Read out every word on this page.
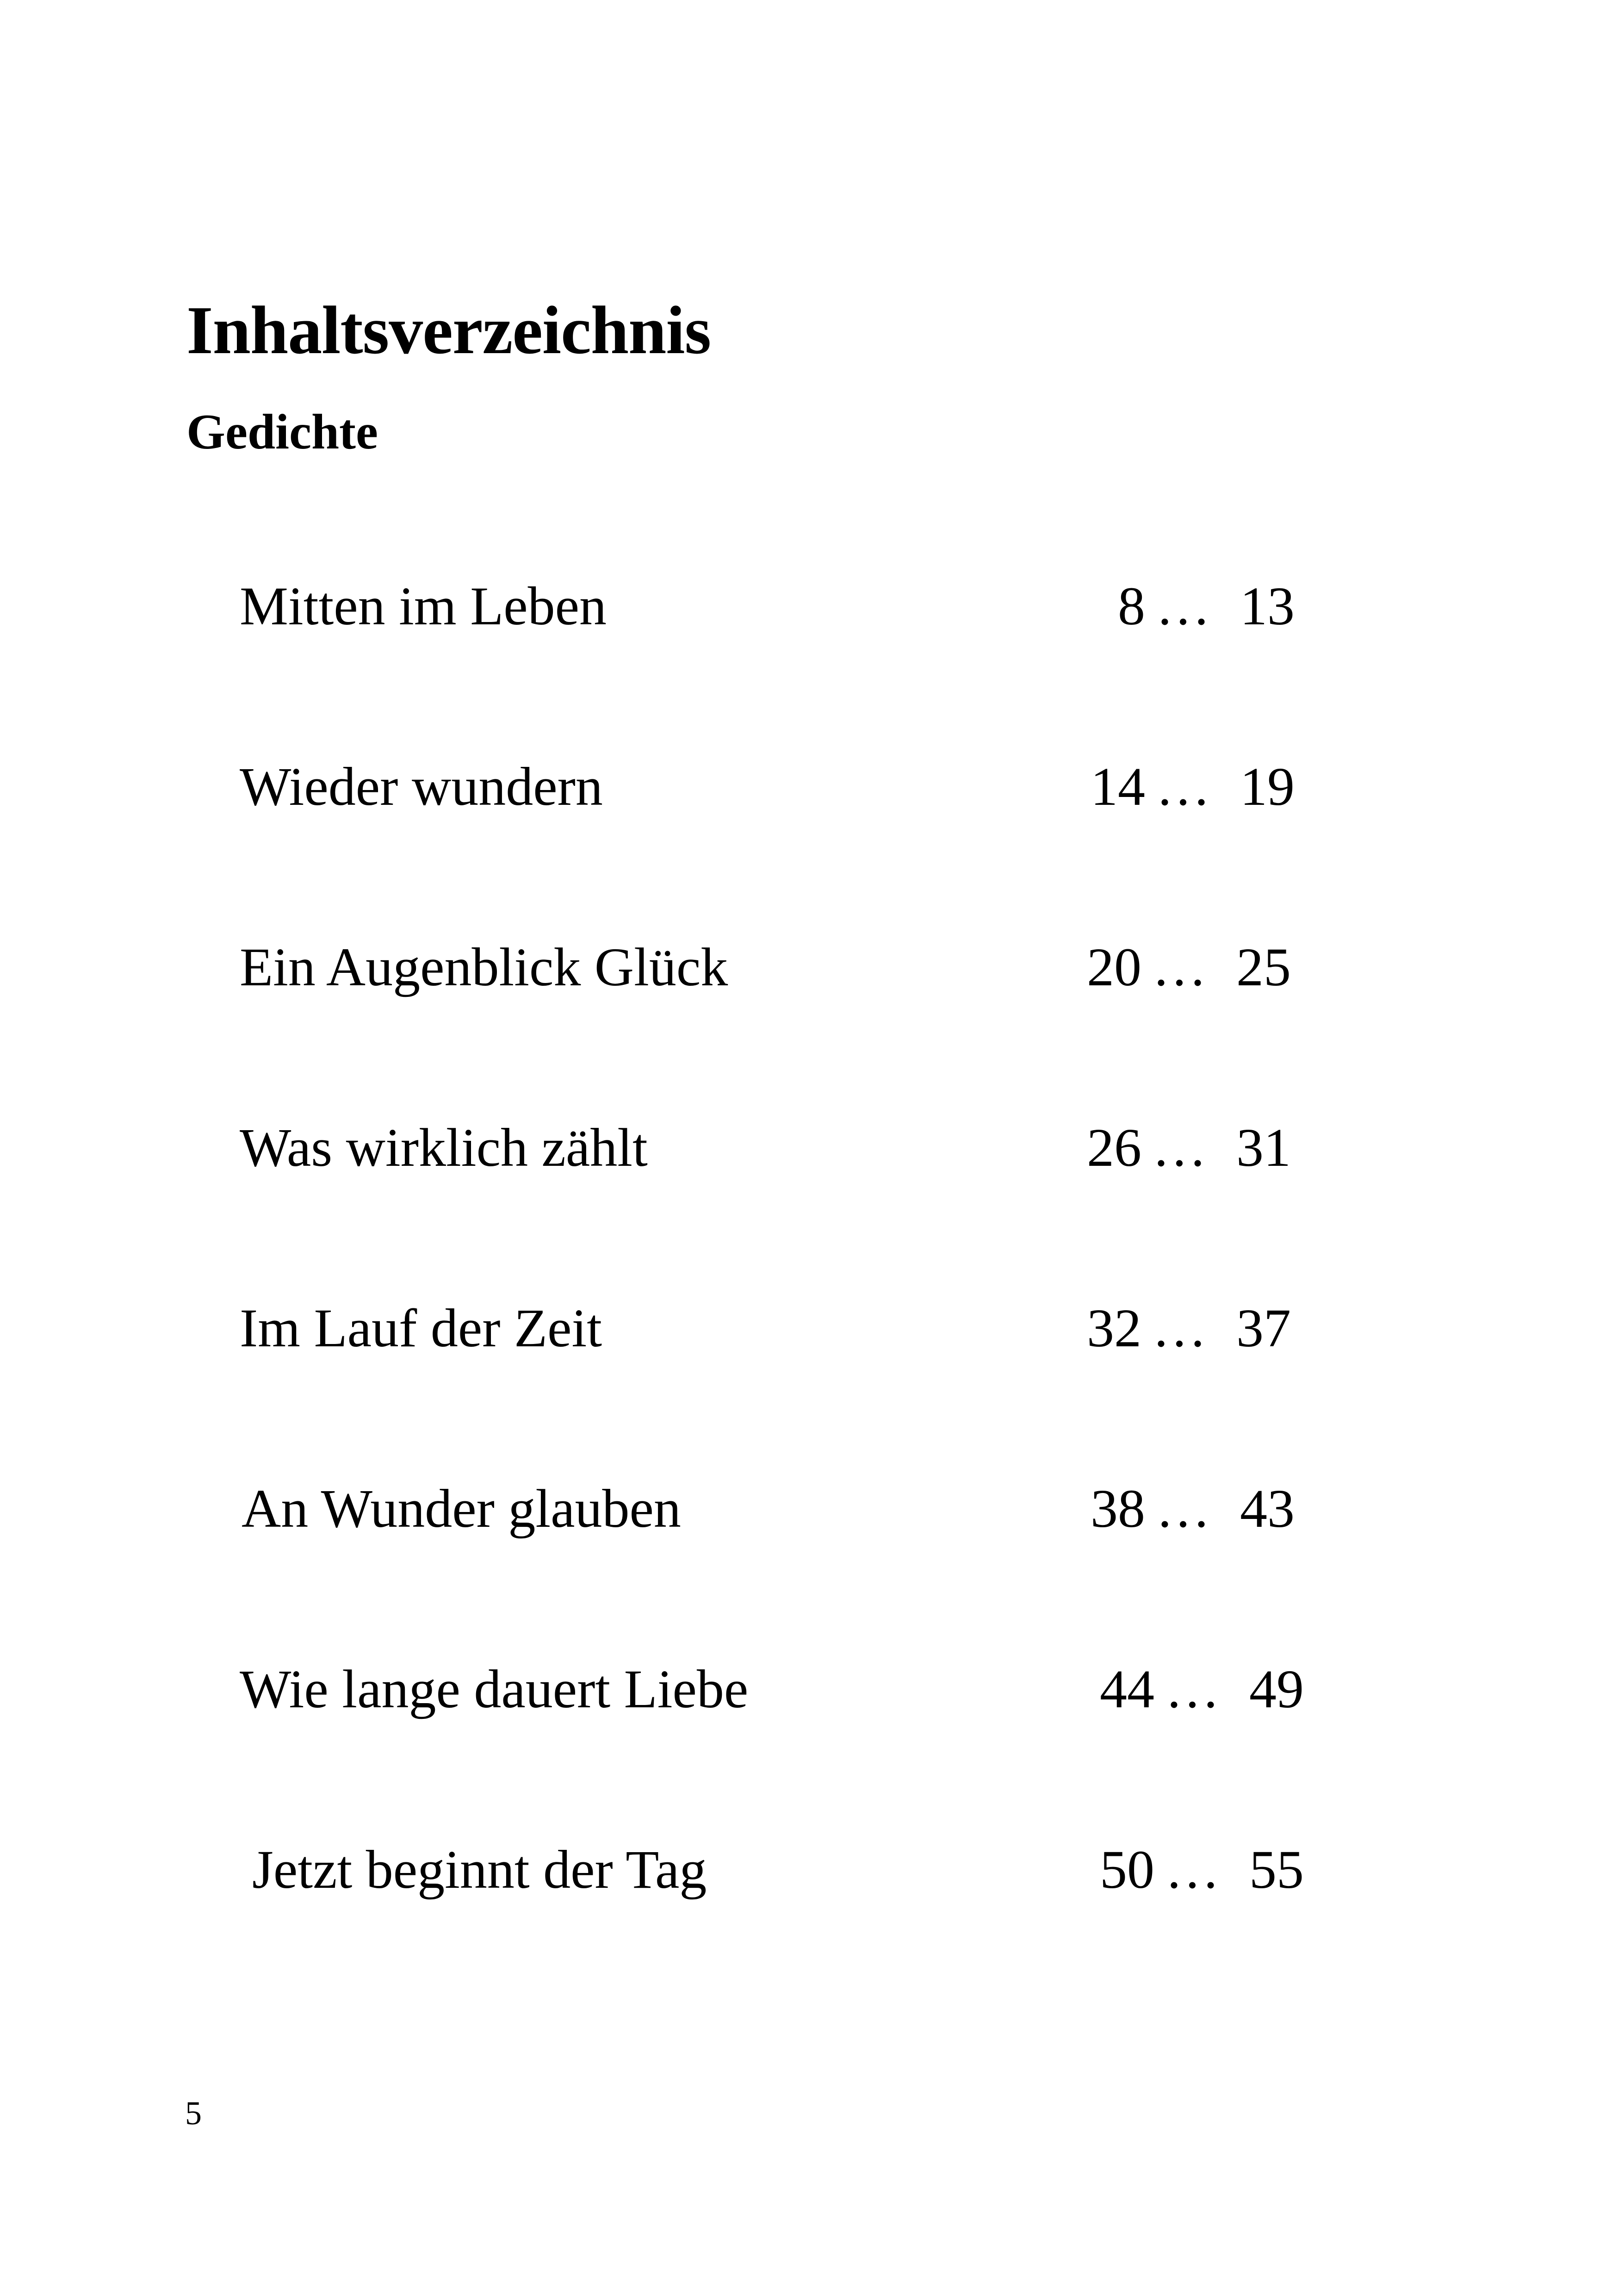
Inhaltsverzeichnis
Gedichte
Mitten im Leben	8 … 13
Wieder wundern	14 … 19
Ein Augenblick Glück	20 … 25
Was wirklich zählt	26 … 31
Im Lauf der Zeit	32 … 37
An Wunder glauben	38 … 43
Wie lange dauert Liebe	44 … 49
Jetzt beginnt der Tag	50 … 55
5
